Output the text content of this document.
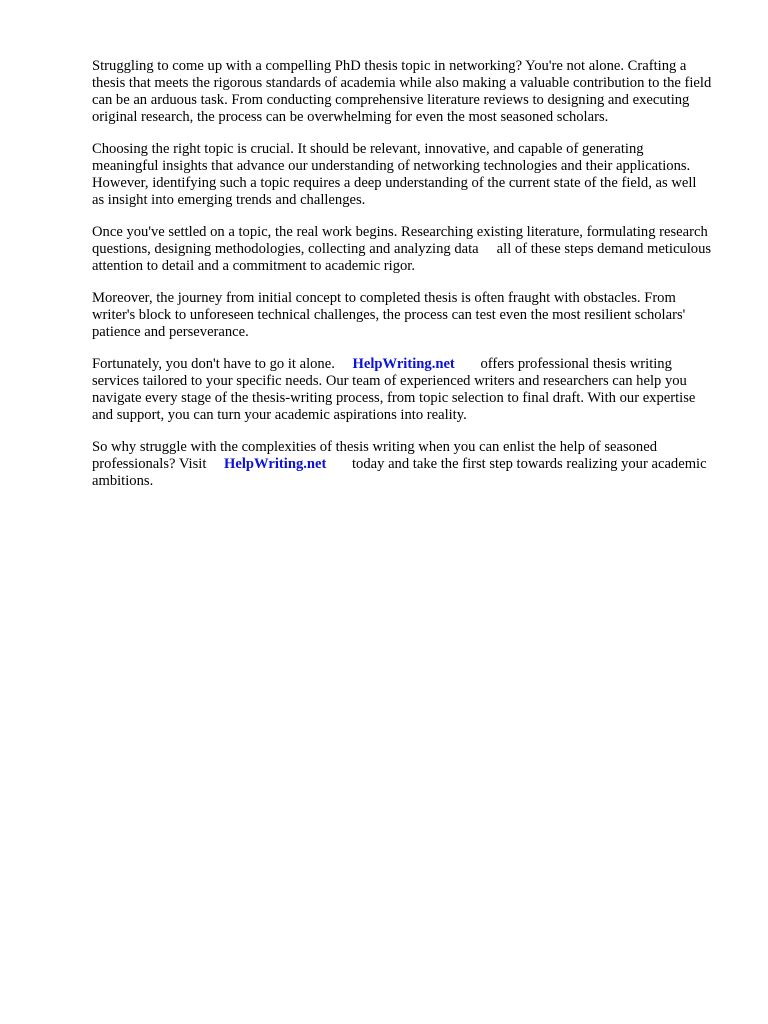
Struggling to come up with a compelling PhD thesis topic in networking? You're not alone. Crafting a thesis that meets the rigorous standards of academia while also making a valuable contribution to the field can be an arduous task. From conducting comprehensive literature reviews to designing and executing original research, the process can be overwhelming for even the most seasoned scholars.

Choosing the right topic is crucial. It should be relevant, innovative, and capable of generating meaningful insights that advance our understanding of networking technologies and their applications. However, identifying such a topic requires a deep understanding of the current state of the field, as well as insight into emerging trends and challenges.

Once you've settled on a topic, the real work begins. Researching existing literature, formulating research questions, designing methodologies, collecting and analyzing data all of these steps demand meticulous attention to detail and a commitment to academic rigor.

Moreover, the journey from initial concept to completed thesis is often fraught with obstacles. From writer's block to unforeseen technical challenges, the process can test even the most resilient scholars' patience and perseverance.

Fortunately, you don't have to go it alone. HelpWriting.net offers professional thesis writing services tailored to your specific needs. Our team of experienced writers and researchers can help you navigate every stage of the thesis-writing process, from topic selection to final draft. With our expertise and support, you can turn your academic aspirations into reality.

So why struggle with the complexities of thesis writing when you can enlist the help of seasoned professionals? Visit HelpWriting.net today and take the first step towards realizing your academic ambitions.
